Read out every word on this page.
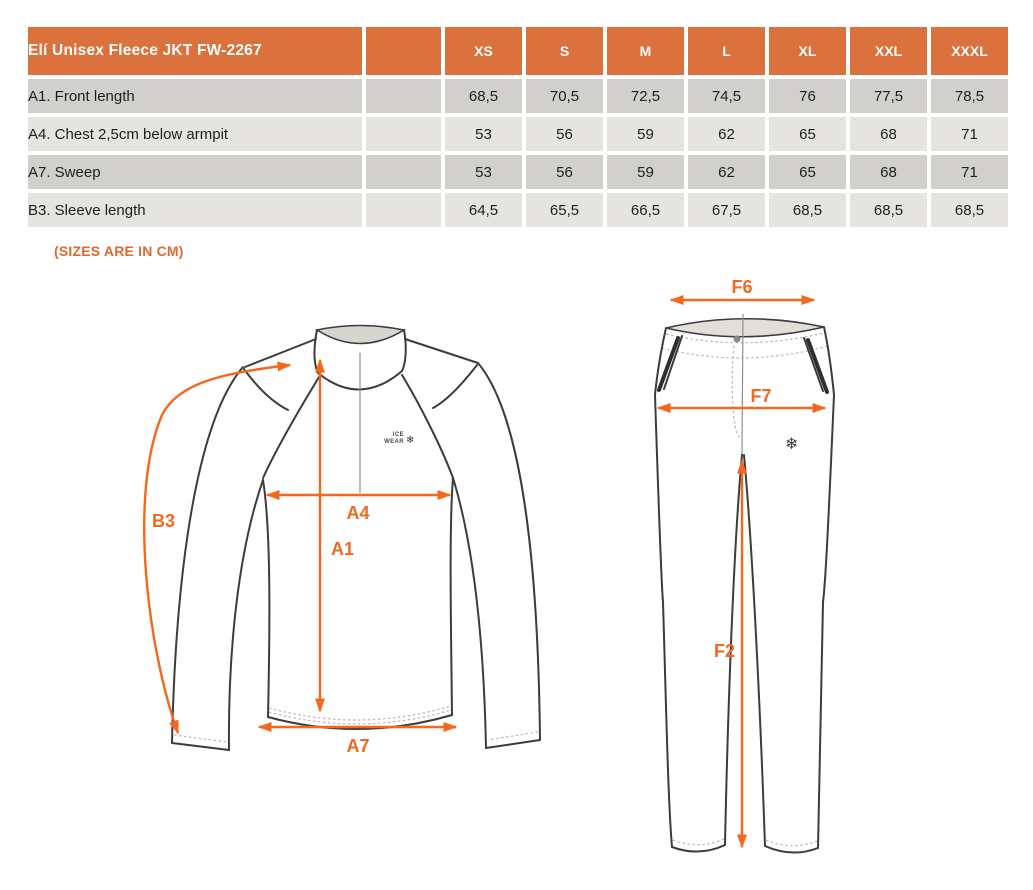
Elí Unisex Fleece JKT FW-2267		XS	S	M	L	XL	XXL	XXXL
A1. Front length		68,5	70,5	72,5	74,5	76	77,5	78,5
A4. Chest 2,5cm below armpit		53	56	59	62	65	68	71
A7. Sweep		53	56	59	62	65	68	71
B3. Sleeve length		64,5	65,5	66,5	67,5	68,5	68,5	68,5
(SIZES ARE IN CM)
ICE
WEAR ❄
B3	A4
A1
A7
❄
F6
F7
F2
